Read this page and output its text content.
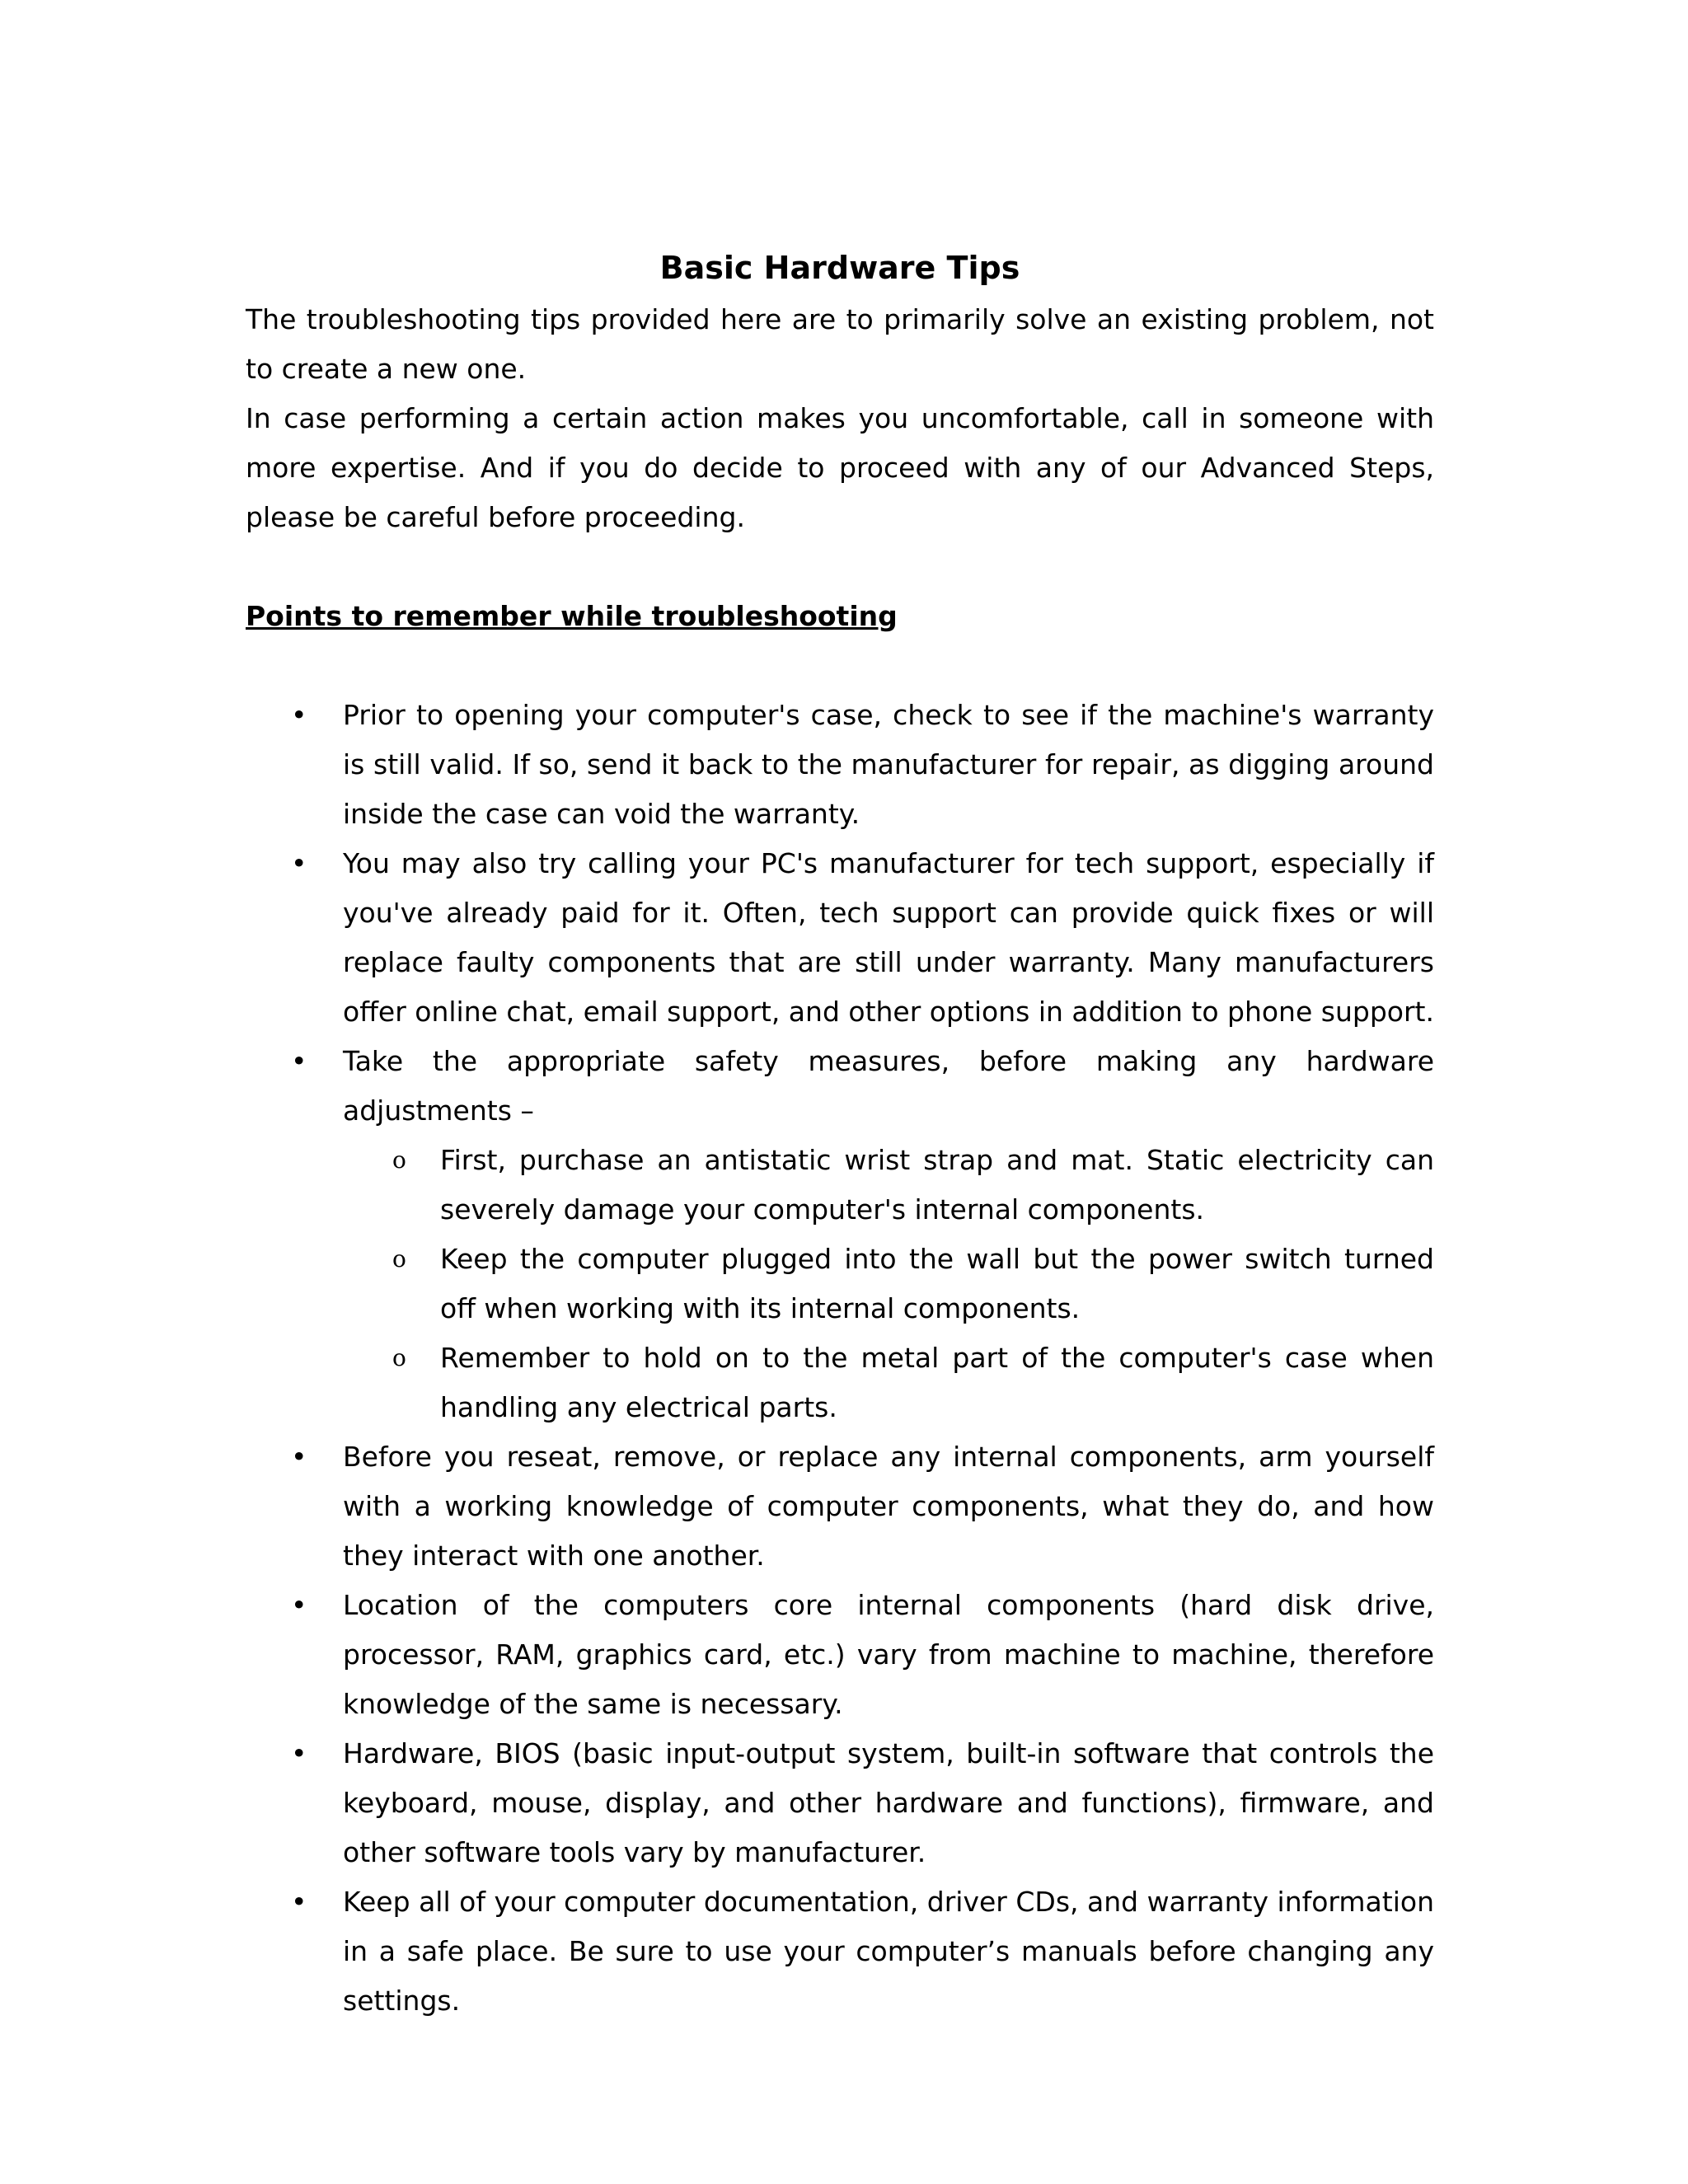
Basic Hardware Tips

The troubleshooting tips provided here are to primarily solve an existing problem, not to create a new one.

In case performing a certain action makes you uncomfortable, call in someone with more expertise. And if you do decide to proceed with any of our Advanced Steps, please be careful before proceeding.

Points to remember while troubleshooting
• Prior to opening your computer's case, check to see if the machine's warranty is still valid. If so, send it back to the manufacturer for repair, as digging around inside the case can void the warranty.
• You may also try calling your PC's manufacturer for tech support, especially if you've already paid for it. Often, tech support can provide quick fixes or will replace faulty components that are still under warranty. Many manufacturers offer online chat, email support, and other options in addition to phone support.
• Take the appropriate safety measures, before making any hardware adjustments –
o First, purchase an antistatic wrist strap and mat. Static electricity can severely damage your computer's internal components.
o Keep the computer plugged into the wall but the power switch turned off when working with its internal components.
o Remember to hold on to the metal part of the computer's case when handling any electrical parts.
• Before you reseat, remove, or replace any internal components, arm yourself with a working knowledge of computer components, what they do, and how they interact with one another.
• Location of the computers core internal components (hard disk drive, processor, RAM, graphics card, etc.) vary from machine to machine, therefore knowledge of the same is necessary.
• Hardware, BIOS (basic input-output system, built-in software that controls the keyboard, mouse, display, and other hardware and functions), firmware, and other software tools vary by manufacturer.
• Keep all of your computer documentation, driver CDs, and warranty information in a safe place. Be sure to use your computer’s manuals before changing any settings.
